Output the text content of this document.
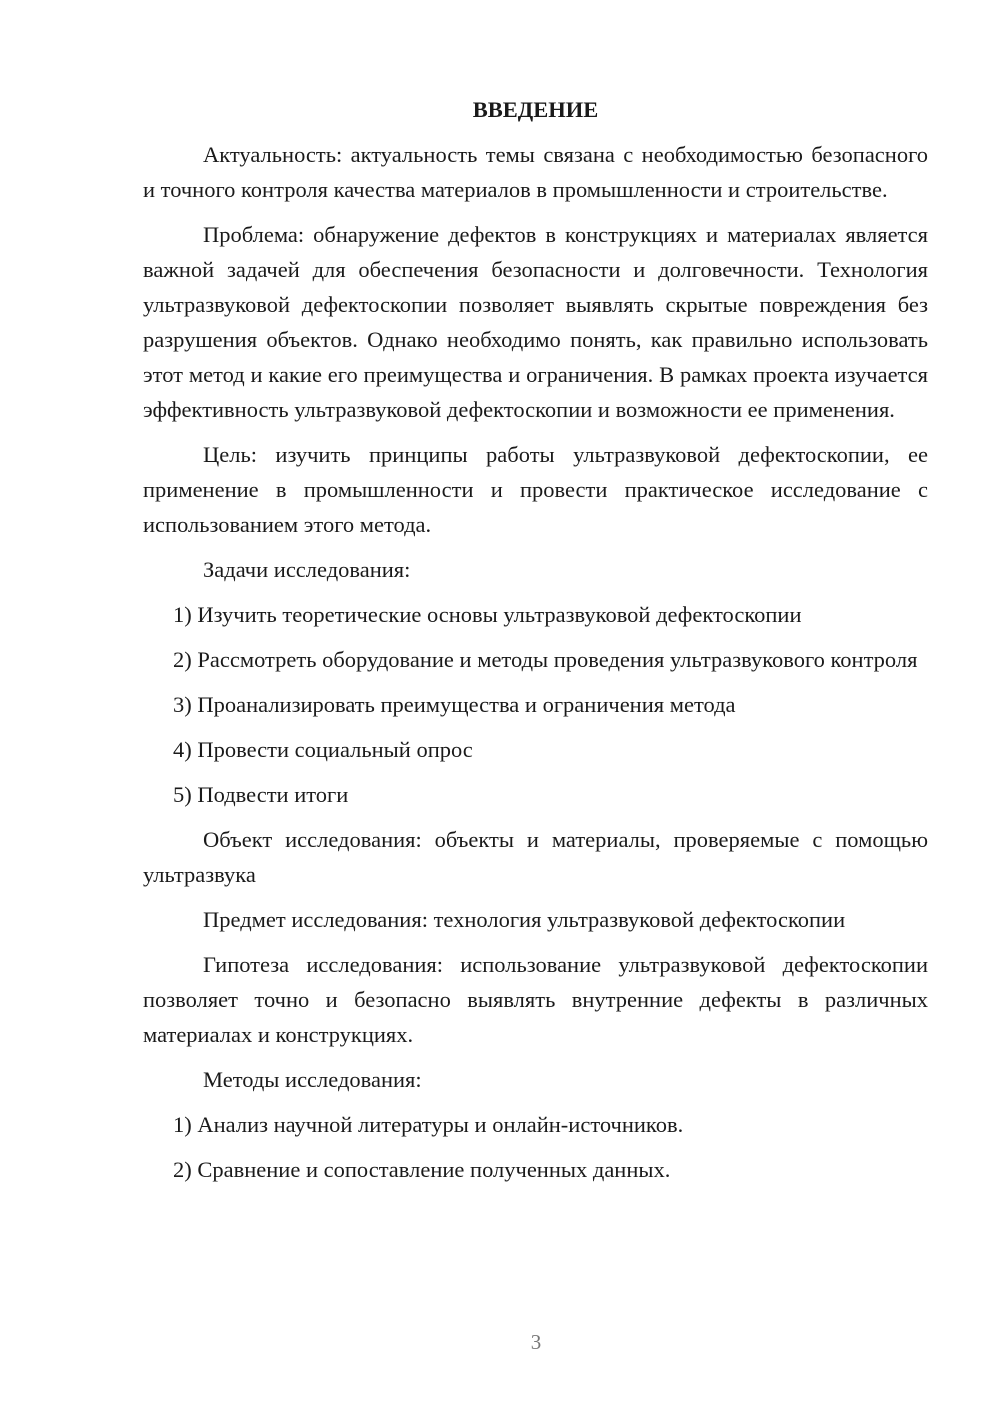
ВВЕДЕНИЕ
Актуальность: актуальность темы связана с необходимостью безопасного и точного контроля качества материалов в промышленности и строительстве.
Проблема: обнаружение дефектов в конструкциях и материалах является важной задачей для обеспечения безопасности и долговечности. Технология ультразвуковой дефектоскопии позволяет выявлять скрытые повреждения без разрушения объектов. Однако необходимо понять, как правильно использовать этот метод и какие его преимущества и ограничения. В рамках проекта изучается эффективность ультразвуковой дефектоскопии и возможности ее применения.
Цель: изучить принципы работы ультразвуковой дефектоскопии, ее применение в промышленности и провести практическое исследование с использованием этого метода.
Задачи исследования:
1) Изучить теоретические основы ультразвуковой дефектоскопии
2) Рассмотреть оборудование и методы проведения ультразвукового контроля
3) Проанализировать преимущества и ограничения метода
4) Провести социальный опрос
5) Подвести итоги
Объект исследования: объекты и материалы, проверяемые с помощью ультразвука
Предмет исследования: технология ультразвуковой дефектоскопии
Гипотеза исследования: использование ультразвуковой дефектоскопии позволяет точно и безопасно выявлять внутренние дефекты в различных материалах и конструкциях.
Методы исследования:
1) Анализ научной литературы и онлайн-источников.
2) Сравнение и сопоставление полученных данных.
3
